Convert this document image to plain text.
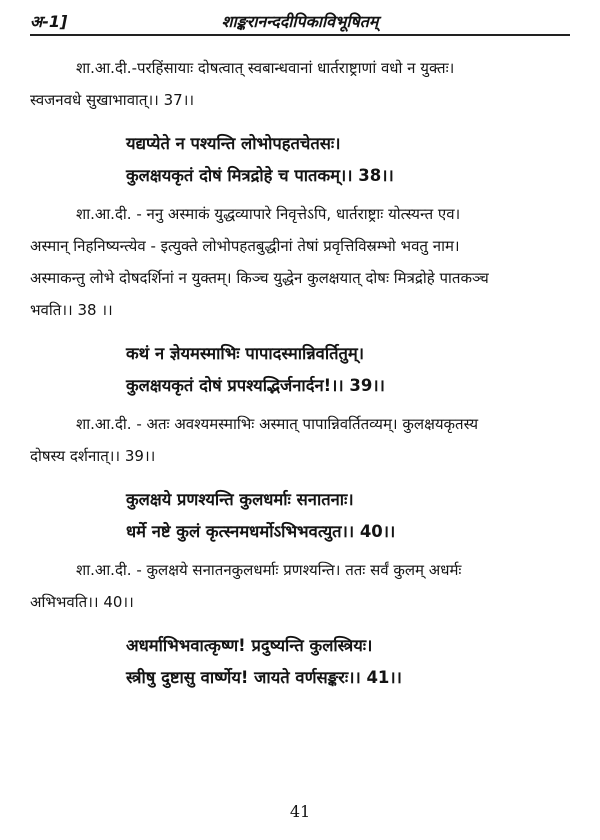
अ-1]	शाङ्करानन्ददीपिकाविभूषितम्

शा.आ.दी.-परहिंसायाः दोषत्वात् स्वबान्धवानां धार्तराष्ट्राणां वधो न युक्तः।
स्वजनवधे सुखाभावात्।। 37।।

यद्यप्येते न पश्यन्ति लोभोपहतचेतसः।
कुलक्षयकृतं दोषं मित्रद्रोहे च पातकम्।। 38।।

शा.आ.दी. - ननु अस्माकं युद्धव्यापारे निवृत्तेऽपि, धार्तराष्ट्राः योत्स्यन्त एव।
अस्मान् निहनिष्यन्त्येव - इत्युक्ते लोभोपहतबुद्धीनां तेषां प्रवृत्तिविस्रम्भो भवतु नाम।
अस्माकन्तु लोभे दोषदर्शिनां न युक्तम्। किञ्च युद्धेन कुलक्षयात् दोषः मित्रद्रोहे पातकञ्च
भवति।। 38 ।।

कथं न ज्ञेयमस्माभिः पापादस्मान्निवर्तितुम्।
कुलक्षयकृतं दोषं प्रपश्यद्भिर्जनार्दन!।। 39।।

शा.आ.दी. - अतः अवश्यमस्माभिः अस्मात् पापान्निवर्तितव्यम्। कुलक्षयकृतस्य
दोषस्य दर्शनात्।। 39।।

कुलक्षये प्रणश्यन्ति कुलधर्माः सनातनाः।
धर्मे नष्टे कुलं कृत्स्नमधर्मोऽभिभवत्युत।। 40।।

शा.आ.दी. - कुलक्षये सनातनकुलधर्माः प्रणश्यन्ति। ततः सर्वं कुलम् अधर्मः
अभिभवति।। 40।।

अधर्माभिभवात्कृष्ण! प्रदुष्यन्ति कुलस्त्रियः।
स्त्रीषु दुष्टासु वार्ष्णेय! जायते वर्णसङ्करः।। 41।।
41
